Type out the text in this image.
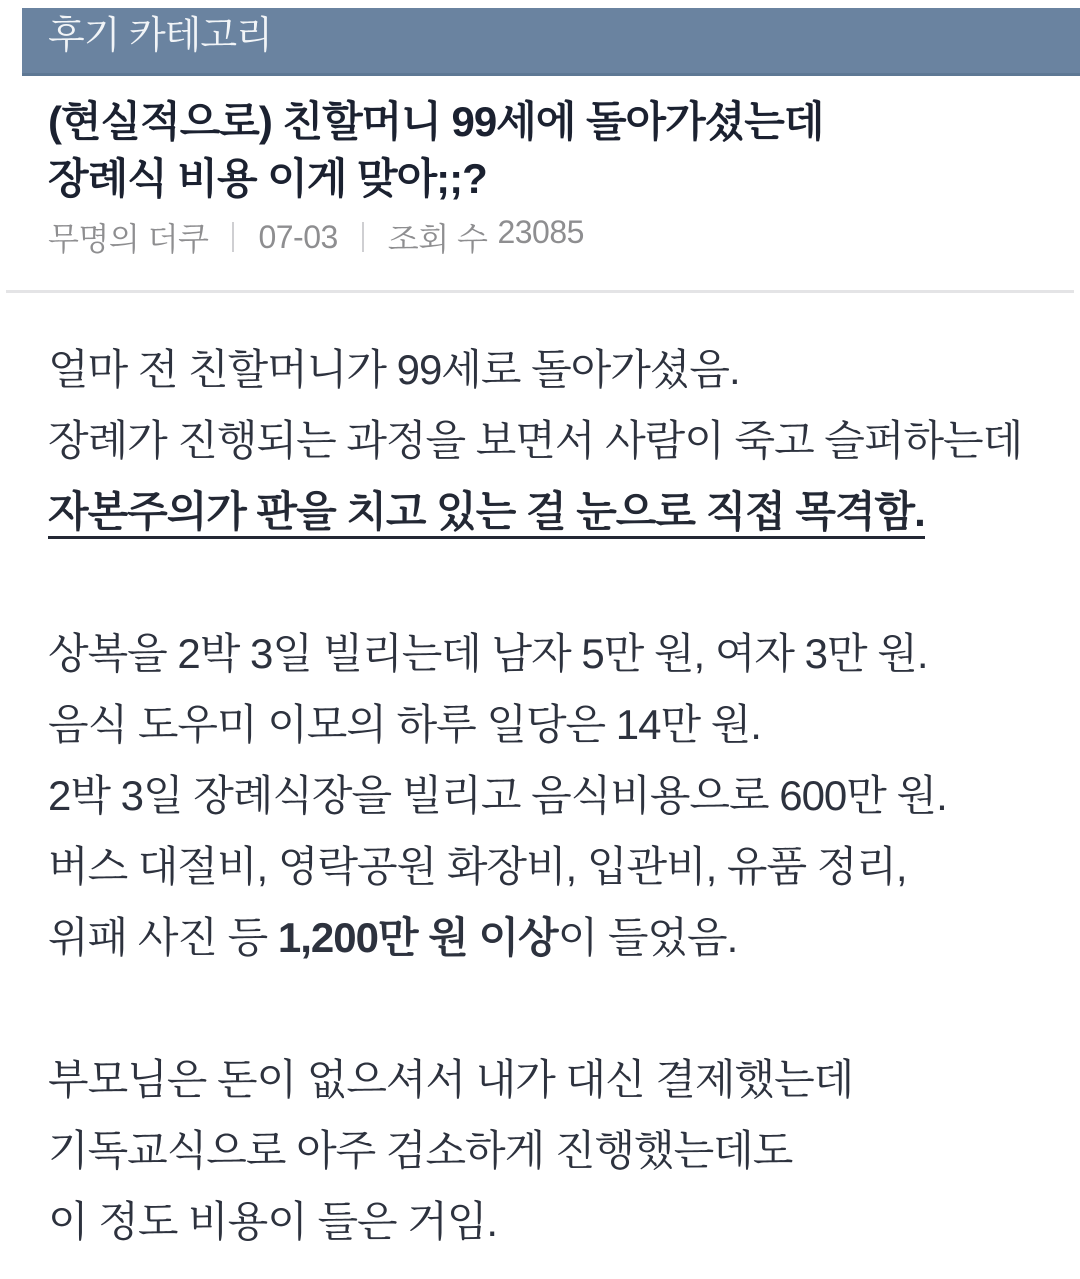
후기 카테고리
(현실적으로) 친할머니 99세에 돌아가셨는데
장례식 비용 이게 맞아;;?
무명의 더쿠 07-03 조회 수 23085
얼마 전 친할머니가 99세로 돌아가셨음.
장례가 진행되는 과정을 보면서 사람이 죽고 슬퍼하는데
자본주의가 판을 치고 있는 걸 눈으로 직접 목격함.
상복을 2박 3일 빌리는데 남자 5만 원, 여자 3만 원.
음식 도우미 이모의 하루 일당은 14만 원.
2박 3일 장례식장을 빌리고 음식비용으로 600만 원.
버스 대절비, 영락공원 화장비, 입관비, 유품 정리,
위패 사진 등 1,200만 원 이상이 들었음.
부모님은 돈이 없으셔서 내가 대신 결제했는데
기독교식으로 아주 검소하게 진행했는데도
이 정도 비용이 들은 거임.
